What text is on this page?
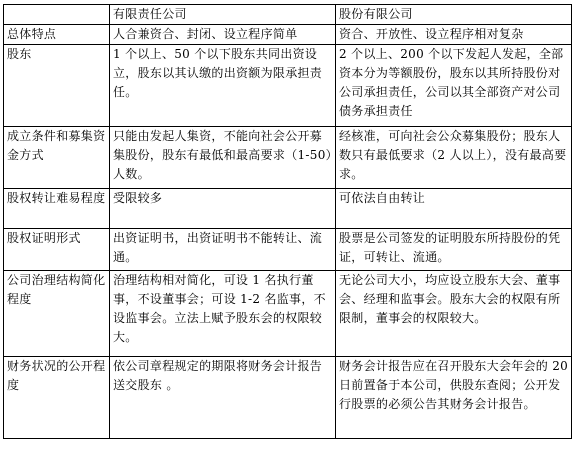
	有限责任公司	股份有限公司
总体特点	人合兼资合、封闭、设立程序简单	资合、开放性、设立程序相对复杂
股东	1 个以上、50 个以下股东共同出资设立，股东以其认缴的出资额为限承担责任。	2 个以上、200 个以下发起人发起，全部资本分为等额股份，股东以其所持股份对公司承担责任，公司以其全部资产对公司债务承担责任
成立条件和募集资金方式	只能由发起人集资，不能向社会公开募集股份，股东有最低和最高要求（1-50）人数。	经核准，可向社会公众募集股份；股东人数只有最低要求（2 人以上），没有最高要求。
股权转让难易程度	受限较多	可依法自由转让
股权证明形式	出资证明书，出资证明书不能转让、流通。	股票是公司签发的证明股东所持股份的凭证，可转让、流通。
公司治理结构简化程度	治理结构相对简化，可设 1 名执行董事，不设董事会；可设 1-2 名监事，不设监事会。立法上赋予股东会的权限较大。	无论公司大小，均应设立股东大会、董事会、经理和监事会。股东大会的权限有所限制，董事会的权限较大。
财务状况的公开程度	依公司章程规定的期限将财务会计报告送交股东 。	财务会计报告应在召开股东大会年会的 20 日前置备于本公司，供股东查阅；公开发行股票的必须公告其财务会计报告。
